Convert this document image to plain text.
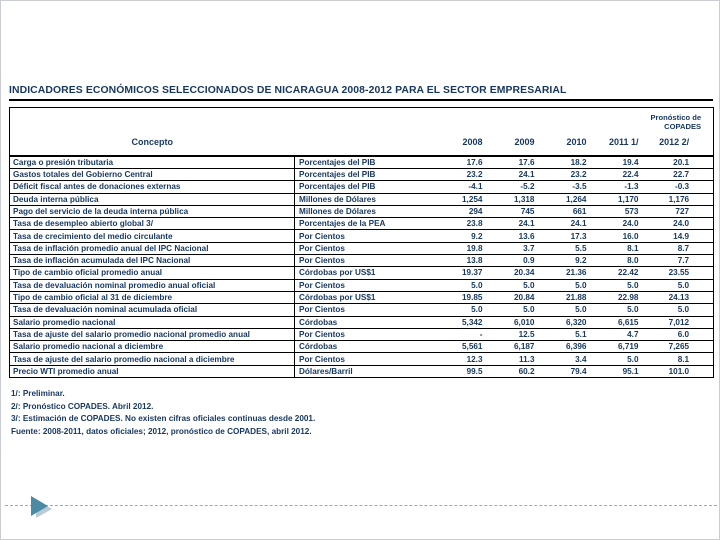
INDICADORES ECONÓMICOS SELECCIONADOS DE NICARAGUA 2008-2012 PARA EL SECTOR EMPRESARIAL
Pronóstico de
COPADES						

Concepto		2008	2009	2010	2011 1/	2012 2/
Carga o presión tributaria	Porcentajes del PIB	17.6	17.6	18.2	19.4	20.1
Gastos totales del Gobierno Central	Porcentajes del PIB	23.2	24.1	23.2	22.4	22.7
Déficit fiscal antes de donaciones externas	Porcentajes del PIB	-4.1	-5.2	-3.5	-1.3	-0.3
Deuda interna pública	Millones de Dólares	1,254	1,318	1,264	1,170	1,176
Pago del servicio de la deuda interna pública	Millones de Dólares	294	745	661	573	727
Tasa de desempleo abierto global 3/	Porcentajes de la PEA	23.8	24.1	24.1	24.0	24.0
Tasa de crecimiento del medio circulante	Por Cientos	9.2	13.6	17.3	16.0	14.9
Tasa de inflación promedio anual del IPC Nacional	Por Cientos	19.8	3.7	5.5	8.1	8.7
Tasa de inflación acumulada del IPC Nacional	Por Cientos	13.8	0.9	9.2	8.0	7.7
Tipo de cambio oficial promedio anual	Córdobas por US$1	19.37	20.34	21.36	22.42	23.55
Tasa de devaluación nominal promedio anual oficial	Por Cientos	5.0	5.0	5.0	5.0	5.0
Tipo de cambio oficial al 31 de diciembre	Córdobas por US$1	19.85	20.84	21.88	22.98	24.13
Tasa de devaluación nominal acumulada oficial	Por Cientos	5.0	5.0	5.0	5.0	5.0
Salario promedio nacional	Córdobas	5,342	6,010	6,320	6,615	7,012
Tasa de ajuste del salario promedio nacional promedio anual	Por Cientos	-	12.5	5.1	4.7	6.0
Salario promedio nacional a diciembre	Córdobas	5,561	6,187	6,396	6,719	7,265
Tasa de ajuste del salario promedio nacional a diciembre	Por Cientos	12.3	11.3	3.4	5.0	8.1
Precio WTI promedio anual	Dólares/Barril	99.5	60.2	79.4	95.1	101.0
1/: Preliminar.
2/: Pronóstico COPADES. Abril 2012.
3/: Estimación de COPADES. No existen cifras oficiales continuas desde 2001.
Fuente: 2008-2011, datos oficiales; 2012, pronóstico de COPADES, abril 2012.
